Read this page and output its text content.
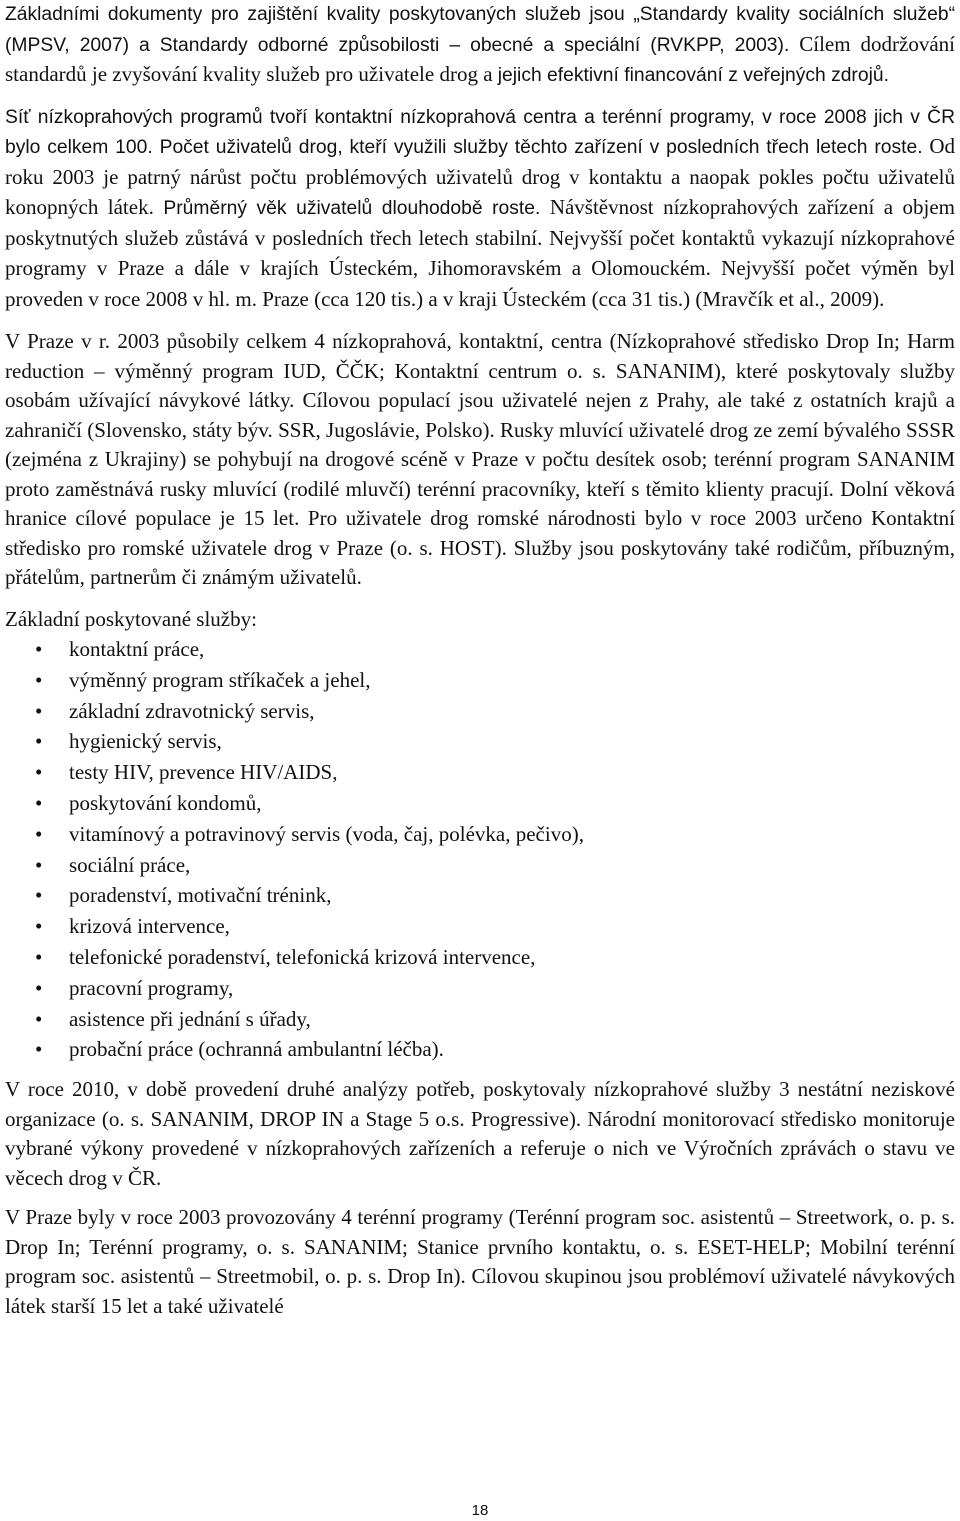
Základními dokumenty pro zajištění kvality poskytovaných služeb jsou „Standardy kvality sociálních služeb“ (MPSV, 2007) a Standardy odborné způsobilosti – obecné a speciální (RVKPP, 2003). Cílem dodržování standardů je zvyšování kvality služeb pro uživatele drog a jejich efektivní financování z veřejných zdrojů.

Síť nízkoprahových programů tvoří kontaktní nízkoprahová centra a terénní programy, v roce 2008 jich v ČR bylo celkem 100. Počet uživatelů drog, kteří využili služby těchto zařízení v posledních třech letech roste. Od roku 2003 je patrný nárůst počtu problémových uživatelů drog v kontaktu a naopak pokles počtu uživatelů konopných látek. Průměrný věk uživatelů dlouhodobě roste. Návštěvnost nízkoprahových zařízení a objem poskytnutých služeb zůstává v posledních třech letech stabilní. Nejvyšší počet kontaktů vykazují nízkoprahové programy v Praze a dále v krajích Ústeckém, Jihomoravském a Olomouckém. Nejvyšší počet výměn byl proveden v roce 2008 v hl. m. Praze (cca 120 tis.) a v kraji Ústeckém (cca 31 tis.) (Mravčík et al., 2009).

V Praze v r. 2003 působily celkem 4 nízkoprahová, kontaktní, centra (Nízkoprahové středisko Drop In; Harm reduction – výměnný program IUD, ČČK; Kontaktní centrum o. s. SANANIM), které poskytovaly služby osobám užívající návykové látky. Cílovou populací jsou uživatelé nejen z Prahy, ale také z ostatních krajů a zahraničí (Slovensko, státy býv. SSR, Jugoslávie, Polsko). Rusky mluvící uživatelé drog ze zemí bývalého SSSR (zejména z Ukrajiny) se pohybují na drogové scéně v Praze v počtu desítek osob; terénní program SANANIM proto zaměstnává rusky mluvící (rodilé mluvčí) terénní pracovníky, kteří s těmito klienty pracují. Dolní věková hranice cílové populace je 15 let. Pro uživatele drog romské národnosti bylo v roce 2003 určeno Kontaktní středisko pro romské uživatele drog v Praze (o. s. HOST). Služby jsou poskytovány také rodičům, příbuzným, přátelům, partnerům či známým uživatelů.

Základní poskytované služby:

• kontaktní práce,
• výměnný program stříkaček a jehel,
• základní zdravotnický servis,
• hygienický servis,
• testy HIV, prevence HIV/AIDS,
• poskytování kondomů,
• vitamínový a potravinový servis (voda, čaj, polévka, pečivo),
• sociální práce,
• poradenství, motivační trénink,
• krizová intervence,
• telefonické poradenství, telefonická krizová intervence,
• pracovní programy,
• asistence při jednání s úřady,
• probační práce (ochranná ambulantní léčba).

V roce 2010, v době provedení druhé analýzy potřeb, poskytovaly nízkoprahové služby 3 nestátní neziskové organizace (o. s. SANANIM, DROP IN a Stage 5 o.s. Progressive). Národní monitorovací středisko monitoruje vybrané výkony provedené v nízkoprahových zařízeních a referuje o nich ve Výročních zprávách o stavu ve věcech drog v ČR.

V Praze byly v roce 2003 provozovány 4 terénní programy (Terénní program soc. asistentů – Streetwork, o. p. s. Drop In; Terénní programy, o. s. SANANIM; Stanice prvního kontaktu, o. s. ESET-HELP; Mobilní terénní program soc. asistentů – Streetmobil, o. p. s. Drop In). Cílovou skupinou jsou problémoví uživatelé návykových látek starší 15 let a také uživatelé

18
